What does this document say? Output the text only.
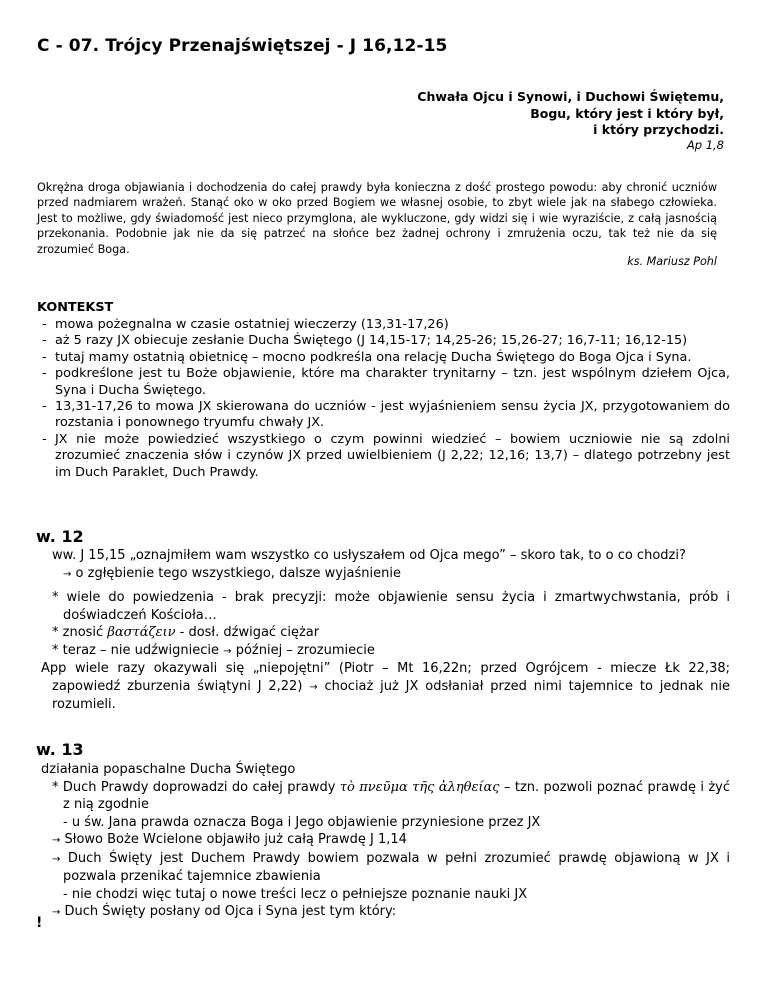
C - 07. Trójcy Przenajświętszej - J 16,12-15
Chwała Ojcu i Synowi, i Duchowi Świętemu,
Bogu, który jest i który był,
i który przychodzi.
Ap 1,8
Okrężna droga objawiania i dochodzenia do całej prawdy była konieczna z dość prostego powodu: aby chronić uczniów przed nadmiarem wrażeń. Stanąć oko w oko przed Bogiem we własnej osobie, to zbyt wiele jak na słabego człowieka. Jest to możliwe, gdy świadomość jest nieco przymglona, ale wykluczone, gdy widzi się i wie wyraziście, z całą jasnością przekonania. Podobnie jak nie da się patrzeć na słońce bez żadnej ochrony i zmrużenia oczu, tak też nie da się zrozumieć Boga.
ks. Mariusz Pohl
KONTEKST
- mowa pożegnalna w czasie ostatniej wieczerzy (13,31-17,26)
- aż 5 razy JX obiecuje zesłanie Ducha Świętego (J 14,15-17; 14,25-26; 15,26-27; 16,7-11; 16,12-15)
- tutaj mamy ostatnią obietnicę – mocno podkreśla ona relację Ducha Świętego do Boga Ojca i Syna.
- podkreślone jest tu Boże objawienie, które ma charakter trynitarny – tzn. jest wspólnym dziełem Ojca, Syna i Ducha Świętego.
- 13,31-17,26 to mowa JX skierowana do uczniów - jest wyjaśnieniem sensu życia JX, przygotowaniem do rozstania i ponownego tryumfu chwały JX.
- JX nie może powiedzieć wszystkiego o czym powinni wiedzieć – bowiem uczniowie nie są zdolni zrozumieć znaczenia słów i czynów JX przed uwielbieniem (J 2,22; 12,16; 13,7) – dlatego potrzebny jest im Duch Paraklet, Duch Prawdy.
w. 12

ww. J 15,15 „oznajmiłem wam wszystko co usłyszałem od Ojca mego” – skoro tak, to o co chodzi?

→ o zgłębienie tego wszystkiego, dalsze wyjaśnienie

* wiele do powiedzenia - brak precyzji: może objawienie sensu życia i zmartwychwstania, prób i doświadczeń Kościoła…

* znosić βαστάζειν - dosł. dźwigać ciężar

* teraz – nie udźwigniecie → później – zrozumiecie

App wiele razy okazywali się „niepojętni” (Piotr – Mt 16,22n; przed Ogrójcem - miecze Łk 22,38; zapowiedź zburzenia świątyni J 2,22) → chociaż już JX odsłaniał przed nimi tajemnice to jednak nie rozumieli.

w. 13

działania popaschalne Ducha Świętego

* Duch Prawdy doprowadzi do całej prawdy τὸ πνεῦμα τῆς ἀληθείας – tzn. pozwoli poznać prawdę i żyć z nią zgodnie

- u św. Jana prawda oznacza Boga i Jego objawienie przyniesione przez JX

→ Słowo Boże Wcielone objawiło już całą Prawdę J 1,14

→ Duch Święty jest Duchem Prawdy bowiem pozwala w pełni zrozumieć prawdę objawioną w JX i pozwala przenikać tajemnice zbawienia

- nie chodzi więc tutaj o nowe treści lecz o pełniejsze poznanie nauki JX

→ Duch Święty posłany od Ojca i Syna jest tym który:

!
